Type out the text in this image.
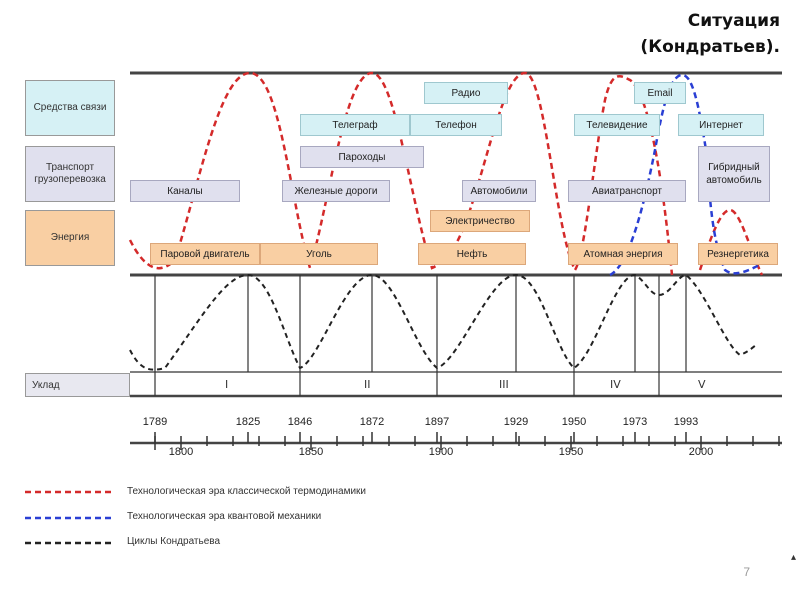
Ситуация
(Кондратьев).
▴
Средства связи
Транспорт грузоперевозка
Энергия
Радио
Телеграф	Телефон
Email
Телевидение	Интернет
Пароходы
Каналы	Железные дороги	Автомобили	Авиатранспорт
Гибридный автомобиль
Электричество
Паровой двигатель	Уголь	Нефть	Атомная энергия	Резнергетика
Уклад	I	II	III	IV	V
1789	1825	1846	1872	1897	1929	1950	1973 1993
1800	1850	1900	1950	2000
Технологическая эра классической термодинамики
Технологическая эра квантовой механики
Циклы Кондратьева
7
